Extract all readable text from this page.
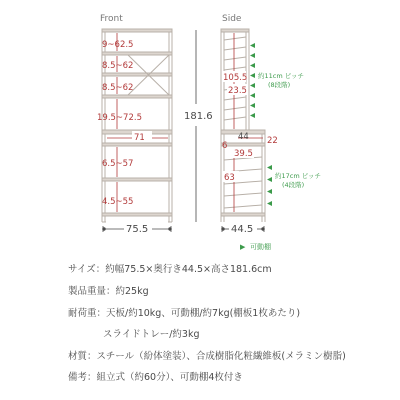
Front
9~62.5
8.5~62
8.5~62
19.5~72.5
71
6.5~57
4.5~55
75.5
181.6
Side
105.5
23.5
44 22
6
39.5
63
約11cm ピッチ
(8段階)
約17cm ピッチ
(4段階)
44.5
▶ 可動棚
サイズ：約幅75.5×奥行き44.5×高さ181.6cm
製品重量：約25kg
耐荷重：天板/約10kg、可動棚/約7kg(棚板1枚あたり)
スライドトレー/約3kg
材質：スチール（紛体塗装）、合成樹脂化粧繊維板(メラミン樹脂)
備考：組立式（約60分）、可動棚4枚付き
